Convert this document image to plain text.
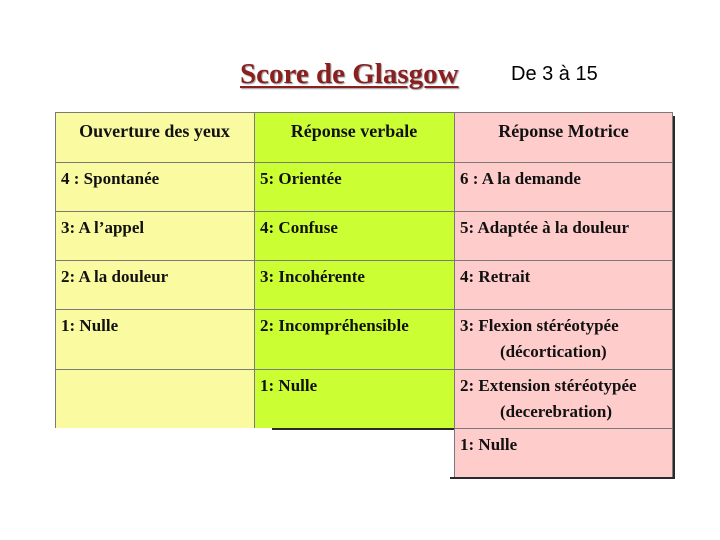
Score de Glasgow	De 3 à 15
Ouverture des yeux
4 : Spontanée
3: A l’appel
2: A la douleur
1: Nulle
Réponse verbale
5: Orientée
4: Confuse
3: Incohérente
2: Incompréhensible
1: Nulle
Réponse Motrice
6 : A la demande
5: Adaptée à la douleur
4: Retrait
3: Flexion stéréotypée
(décortication)
2: Extension stéréotypée
(decerebration)
1: Nulle
